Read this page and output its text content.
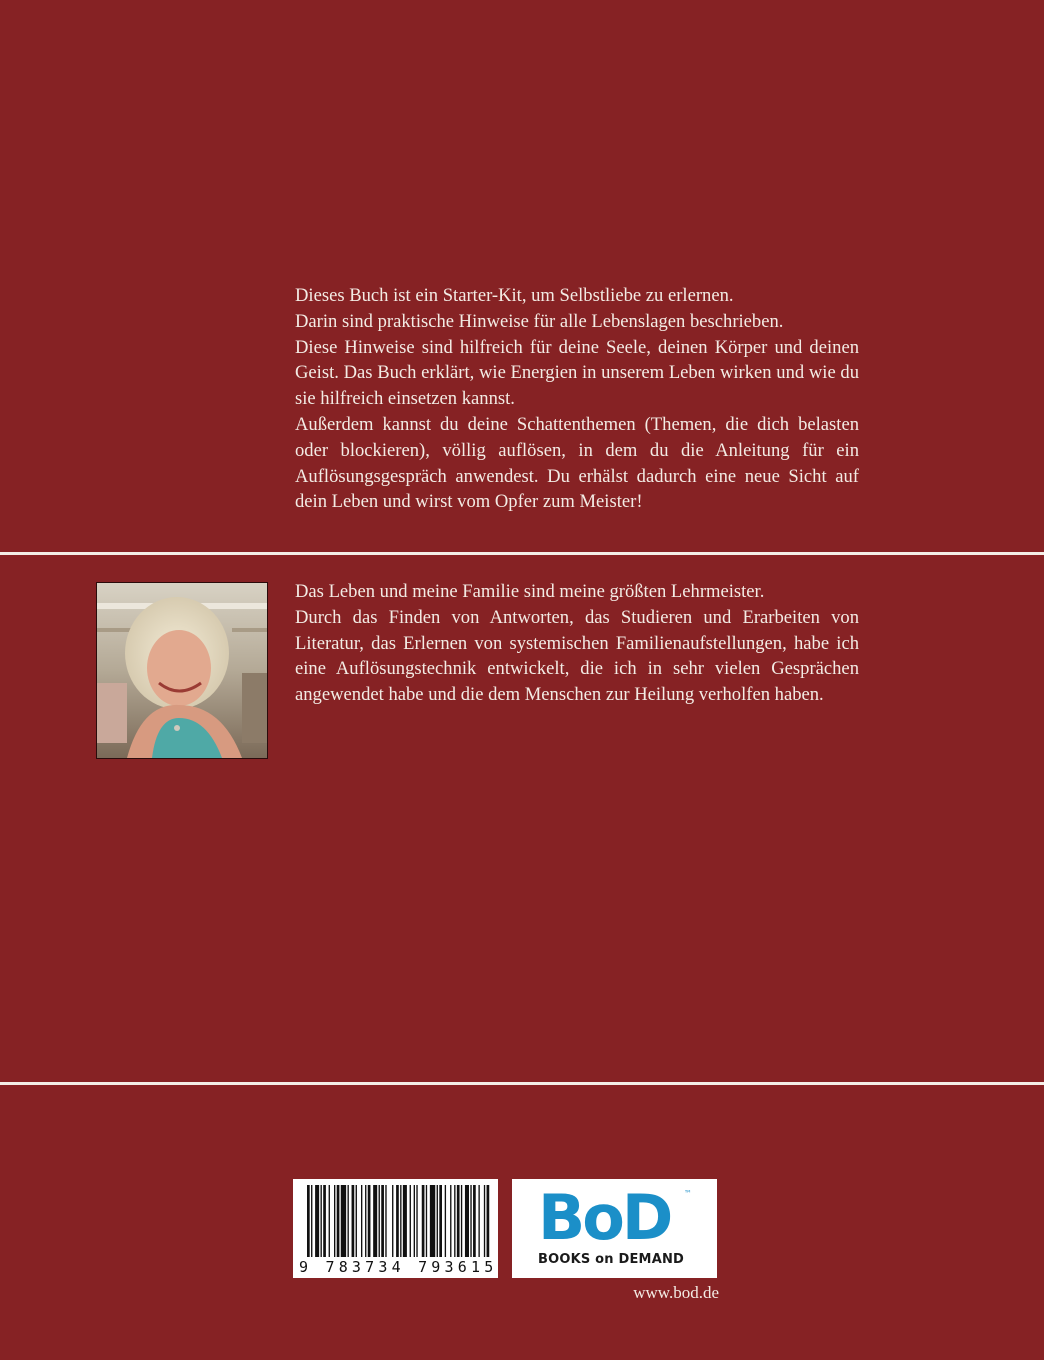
Dieses Buch ist ein Starter-Kit, um Selbstliebe zu erlernen.

Darin sind praktische Hinweise für alle Lebenslagen beschrieben.

Diese Hinweise sind hilfreich für deine Seele, deinen Körper und deinen Geist. Das Buch erklärt, wie Energien in unserem Leben wirken und wie du sie hilfreich einsetzen kannst.

Außerdem kannst du deine Schattenthemen (Themen, die dich belasten oder blockieren), völlig auflösen, in dem du die Anleitung für ein Auflösungsgespräch anwendest. Du erhälst dadurch eine neue Sicht auf dein Leben und wirst vom Opfer zum Meister!

Das Leben und meine Familie sind meine größten Lehrmeister.

Durch das Finden von Antworten, das Studieren und Erarbeiten von Literatur, das Erlernen von systemischen Familienaufstellungen, habe ich eine Auflösungstechnik entwickelt, die ich in sehr vielen Gesprächen angewendet habe und die dem Menschen zur Heilung verholfen haben.

9 783734 793615
BoD ™
BOOKS on DEMAND
www.bod.de
